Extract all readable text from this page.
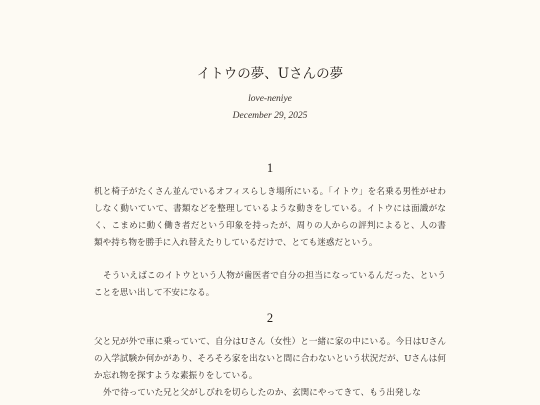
イトウの夢、Uさんの夢
love-neniye
December 29, 2025
1

机と椅子がたくさん並んでいるオフィスらしき場所にいる。「イトウ」を名乗る男性がせわしなく動いていて、書類などを整理しているような動きをしている。イトウには面識がなく、こまめに動く働き者だという印象を持ったが、周りの人からの評判によると、人の書類や持ち物を勝手に入れ替えたりしているだけで、とても迷惑だという。

そういえばこのイトウという人物が歯医者で自分の担当になっているんだった、ということを思い出して不安になる。

2

父と兄が外で車に乗っていて、自分はUさん（女性）と一緒に家の中にいる。今日はUさんの入学試験か何かがあり、そろそろ家を出ないと間に合わないという状況だが、Uさんは何か忘れ物を探すような素振りをしている。

外で待っていた兄と父がしびれを切らしたのか、玄関にやってきて、もう出発しな
